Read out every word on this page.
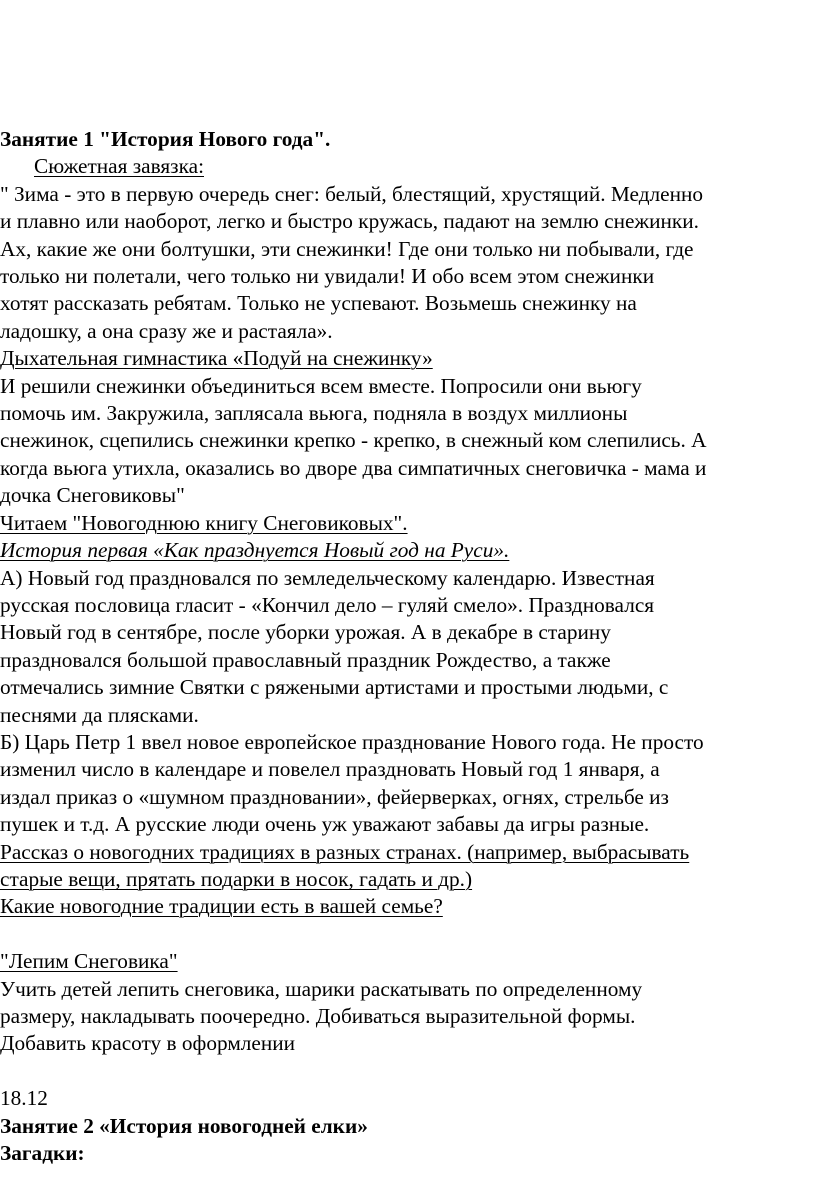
Занятие 1 "История Нового года".
Сюжетная завязка:
" Зима - это в первую очередь снег: белый, блестящий, хрустящий. Медленно
и плавно или наоборот, легко и быстро кружась, падают на землю снежинки.
Ах, какие же они болтушки, эти снежинки! Где они только ни побывали, где
только ни полетали, чего только ни увидали! И обо всем этом снежинки
хотят рассказать ребятам. Только не успевают. Возьмешь снежинку на
ладошку, а она сразу же и растаяла».
Дыхательная гимнастика «Подуй на снежинку»
И решили снежинки объединиться всем вместе. Попросили они вьюгу
помочь им. Закружила, заплясала вьюга, подняла в воздух миллионы
снежинок, сцепились снежинки крепко - крепко, в снежный ком слепились. А
когда вьюга утихла, оказались во дворе два симпатичных снеговичка - мама и
дочка Снеговиковы"
Читаем "Новогоднюю книгу Снеговиковых".
История первая «Как празднуется Новый год на Руси».
А) Новый год праздновался по земледельческому календарю. Известная
русская пословица гласит - «Кончил дело – гуляй смело». Праздновался
Новый год в сентябре, после уборки урожая. А в декабре в старину
праздновался большой православный праздник Рождество, а также
отмечались зимние Святки с ряжеными артистами и простыми людьми, с
песнями да плясками.
Б) Царь Петр 1 ввел новое европейское празднование Нового года. Не просто
изменил число в календаре и повелел праздновать Новый год 1 января, а
издал приказ о «шумном праздновании», фейерверках, огнях, стрельбе из
пушек и т.д. А русские люди очень уж уважают забавы да игры разные.
Рассказ о новогодних традициях в разных странах. (например, выбрасывать
старые вещи, прятать подарки в носок, гадать и др.)
Какие новогодние традиции есть в вашей семье?
"Лепим Снеговика"
Учить детей лепить снеговика, шарики раскатывать по определенному
размеру, накладывать поочередно. Добиваться выразительной формы.
Добавить красоту в оформлении
18.12
Занятие 2 «История новогодней елки»
Загадки:
